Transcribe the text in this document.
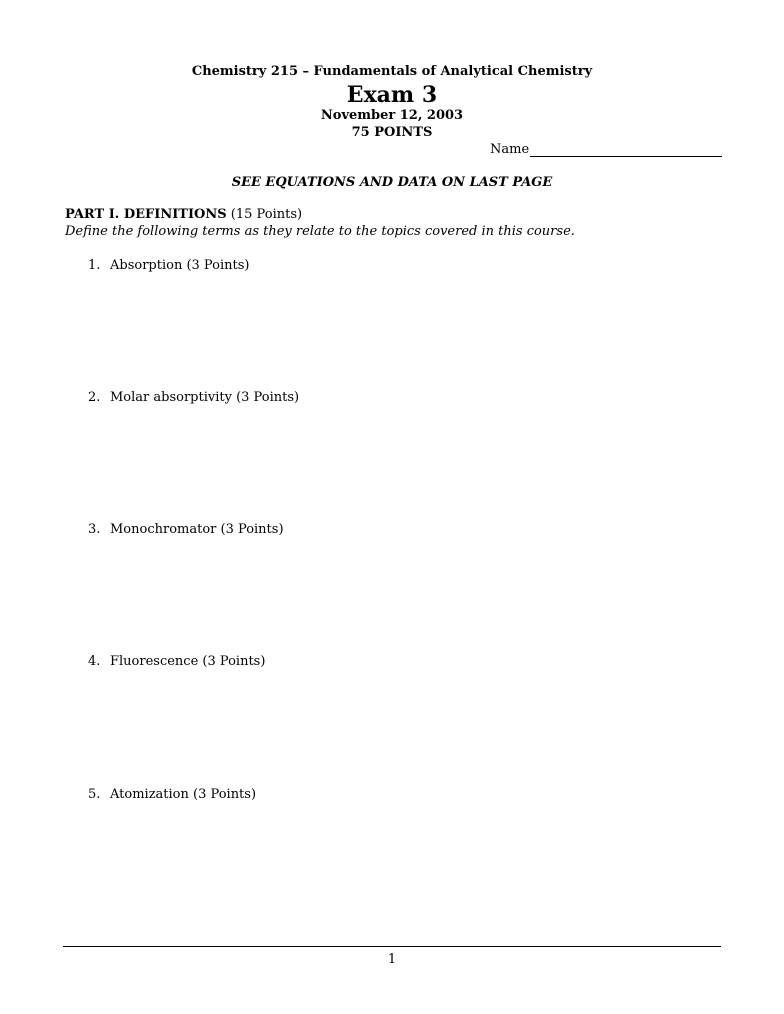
Chemistry 215 – Fundamentals of Analytical Chemistry
Exam 3
November 12, 2003
75 POINTS
Name
SEE EQUATIONS AND DATA ON LAST PAGE
PART I. DEFINITIONS (15 Points)
Define the following terms as they relate to the topics covered in this course.
1. Absorption (3 Points)
2. Molar absorptivity (3 Points)
3. Monochromator (3 Points)
4. Fluorescence (3 Points)
5. Atomization (3 Points)
1
